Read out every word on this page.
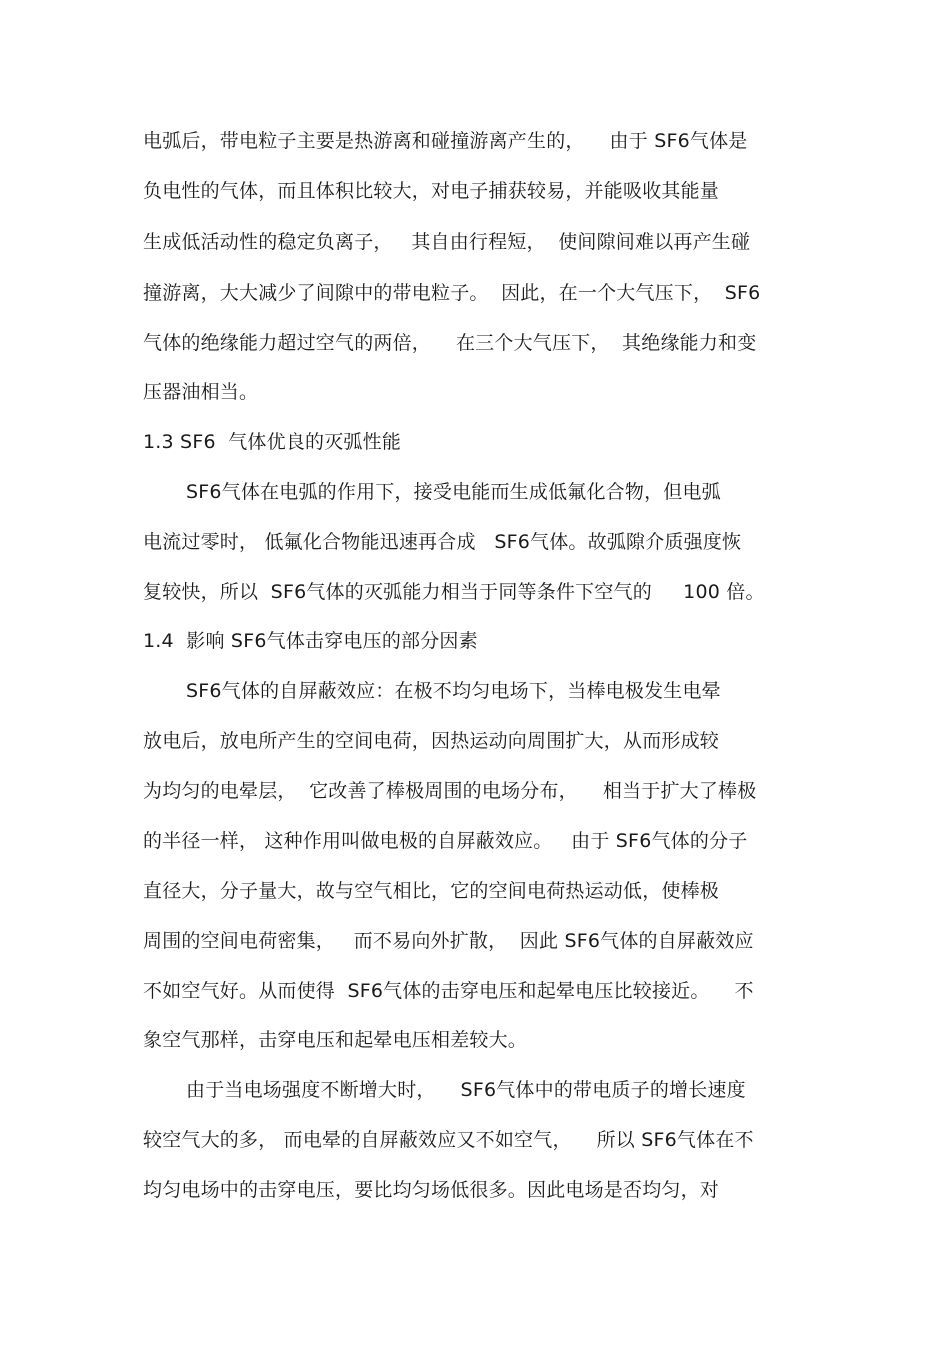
电弧后，带电粒子主要是热游离和碰撞游离产生的，    由于 SF6气体是
负电性的气体，而且体积比较大，对电子捕获较易，并能吸收其能量
生成低活动性的稳定负离子，   其自由行程短，  使间隙间难以再产生碰
撞游离，大大减少了间隙中的带电粒子。  因此，在一个大气压下，  SF6
气体的绝缘能力超过空气的两倍，    在三个大气压下，  其绝缘能力和变
压器油相当。
1.3 SF6  气体优良的灭弧性能
SF6气体在电弧的作用下，接受电能而生成低氟化合物，但电弧
电流过零时， 低氟化合物能迅速再合成   SF6气体。故弧隙介质强度恢
复较快，所以  SF6气体的灭弧能力相当于同等条件下空气的     100 倍。
1.4  影响 SF6气体击穿电压的部分因素
SF6气体的自屏蔽效应：在极不均匀电场下，当棒电极发生电晕
放电后，放电所产生的空间电荷，因热运动向周围扩大，从而形成较
为均匀的电晕层，  它改善了棒极周围的电场分布，    相当于扩大了棒极
的半径一样， 这种作用叫做电极的自屏蔽效应。   由于 SF6气体的分子
直径大，分子量大，故与空气相比，它的空间电荷热运动低，使棒极
周围的空间电荷密集，   而不易向外扩散，  因此 SF6气体的自屏蔽效应
不如空气好。从而使得  SF6气体的击穿电压和起晕电压比较接近。    不
象空气那样，击穿电压和起晕电压相差较大。
由于当电场强度不断增大时，    SF6气体中的带电质子的增长速度
较空气大的多， 而电晕的自屏蔽效应又不如空气，    所以 SF6气体在不
均匀电场中的击穿电压，要比均匀场低很多。因此电场是否均匀，对
